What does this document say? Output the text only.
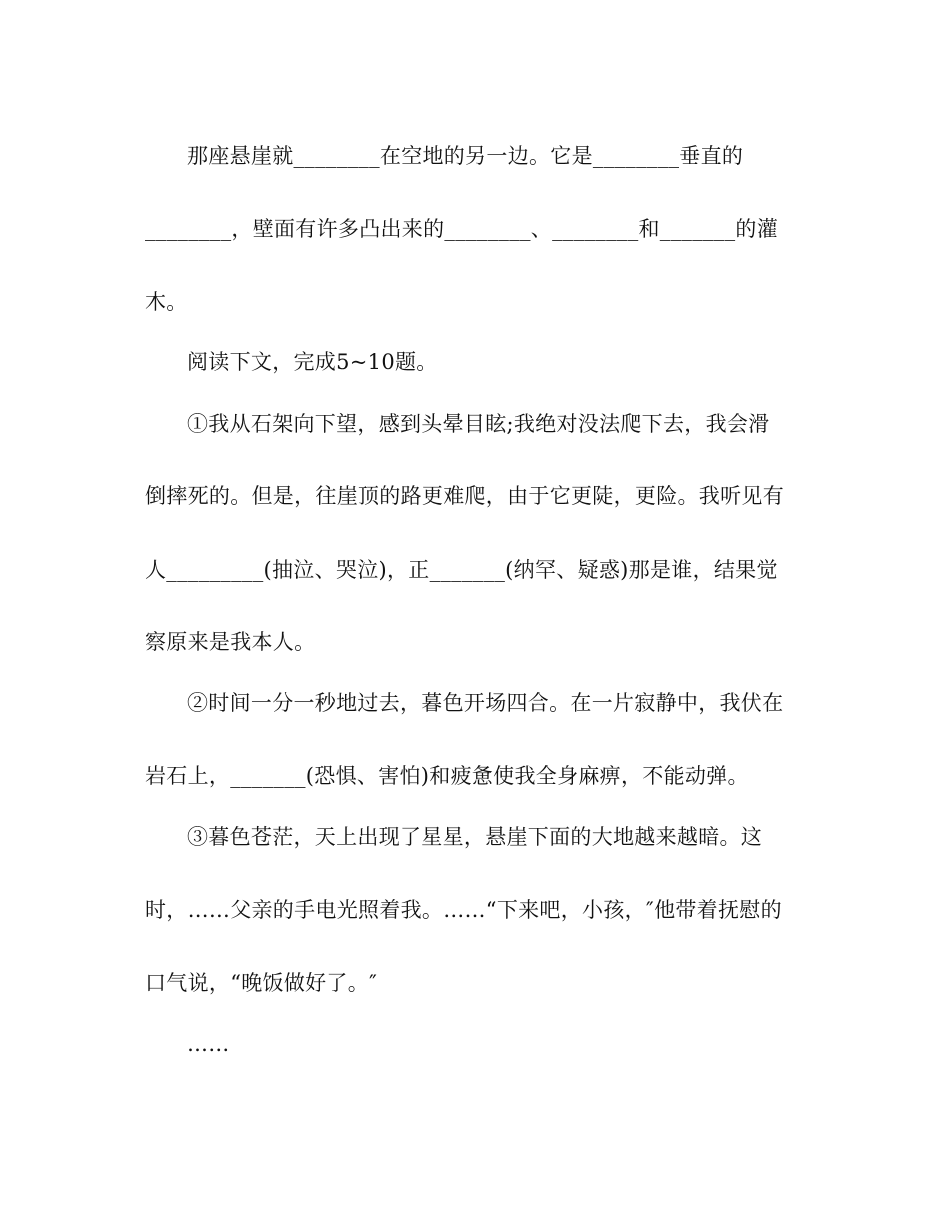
那座悬崖就________在空地的另一边。它是________垂直的
________，壁面有许多凸出来的________、________和_______的灌
木。
阅读下文，完成5~10题。
①我从石架向下望，感到头晕目眩;我绝对没法爬下去，我会滑
倒摔死的。但是，往崖顶的路更难爬，由于它更陡，更险。我听见有
人_________(抽泣、哭泣)，正_______(纳罕、疑惑)那是谁，结果觉
察原来是我本人。
②时间一分一秒地过去，暮色开场四合。在一片寂静中，我伏在
岩石上，_______(恐惧、害怕)和疲惫使我全身麻痹，不能动弹。
③暮色苍茫，天上出现了星星，悬崖下面的大地越来越暗。这
时，……父亲的手电光照着我。……“下来吧，小孩，″他带着抚慰的
口气说，“晚饭做好了。″
……
